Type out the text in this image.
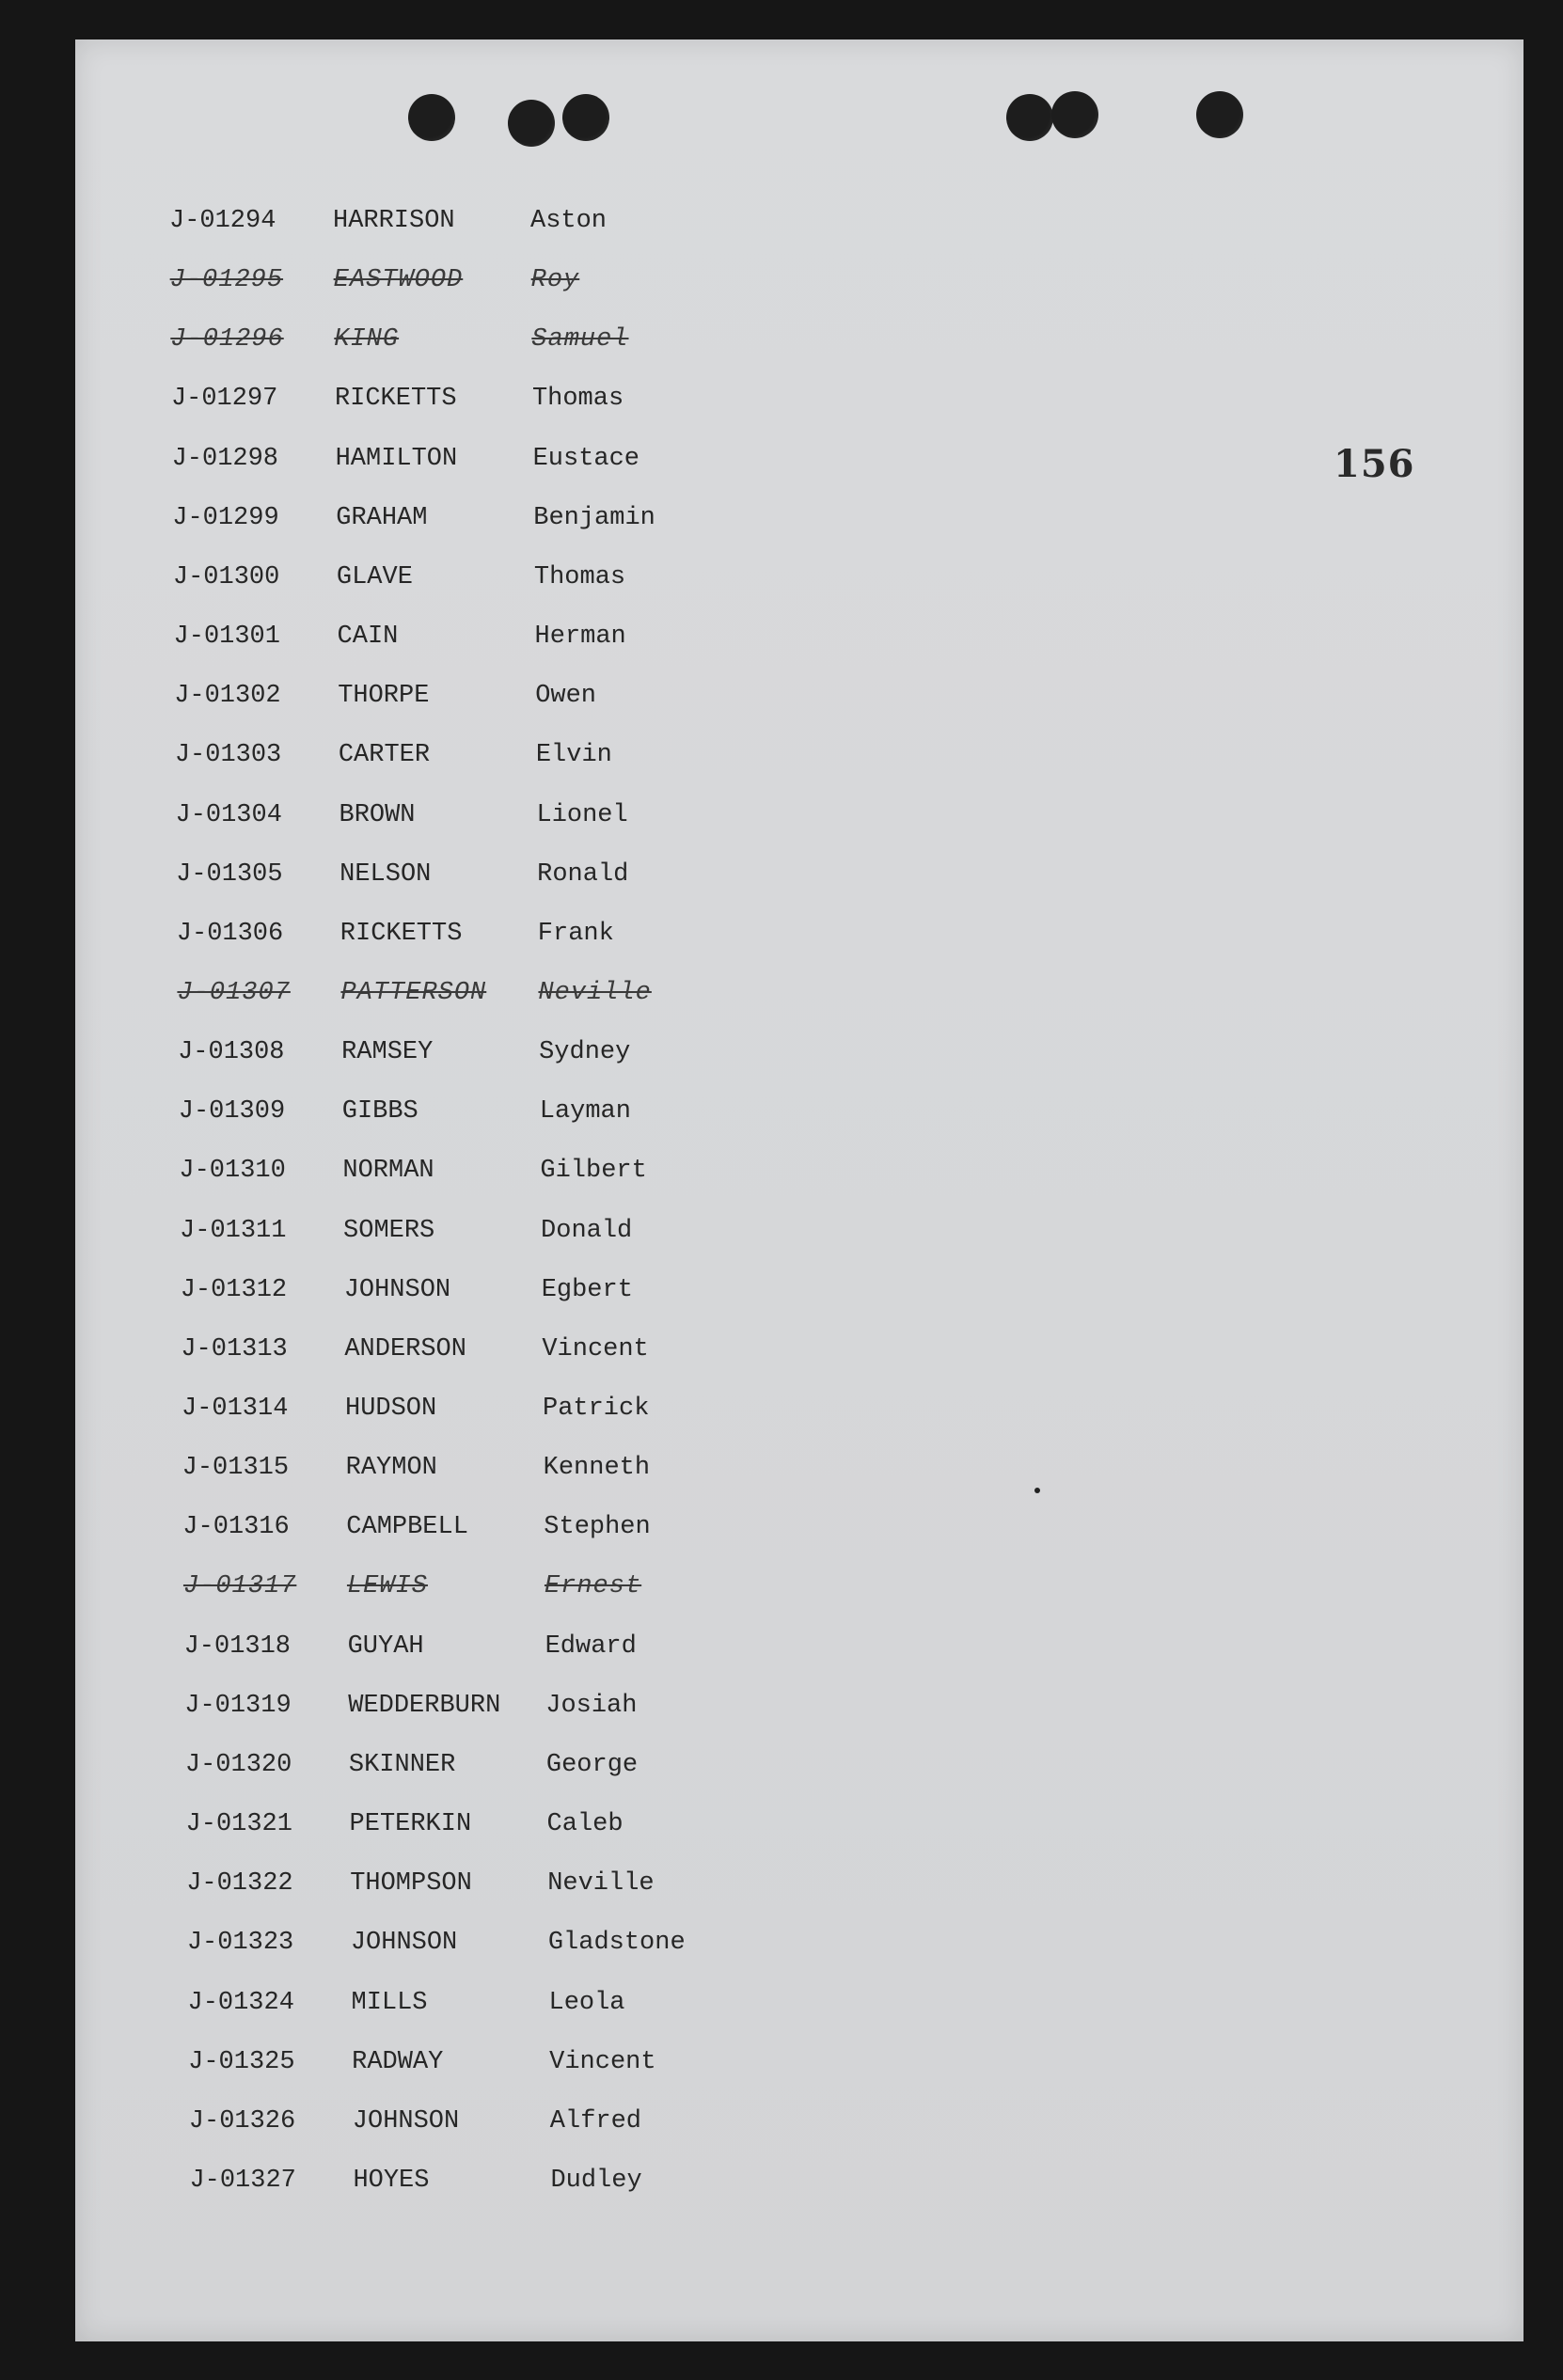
156
J-01294 HARRISON	Aston
J-01295 EASTWOOD	Roy
J-01296 KING	Samuel
J-01297 RICKETTS	Thomas
J-01298 HAMILTON	Eustace
J-01299 GRAHAM	Benjamin
J-01300 GLAVE	Thomas
J-01301 CAIN	Herman
J-01302 THORPE	Owen
J-01303 CARTER	Elvin
J-01304 BROWN	Lionel
J-01305 NELSON	Ronald
J-01306 RICKETTS	Frank
J-01307 PATTERSON Neville
J-01308 RAMSEY	Sydney
J-01309 GIBBS	Layman
J-01310 NORMAN	Gilbert
J-01311 SOMERS	Donald
J-01312 JOHNSON	Egbert
J-01313 ANDERSON	Vincent
J-01314 HUDSON	Patrick
J-01315 RAYMON	Kenneth
J-01316 CAMPBELL	Stephen
J-01317 LEWIS	Ernest
J-01318 GUYAH	Edward
J-01319 WEDDERBURN Josiah
J-01320 SKINNER	George
J-01321 PETERKIN	Caleb
J-01322 THOMPSON	Neville
J-01323 JOHNSON	Gladstone
J-01324 MILLS	Leola
J-01325 RADWAY	Vincent
J-01326 JOHNSON	Alfred
J-01327 HOYES	Dudley
